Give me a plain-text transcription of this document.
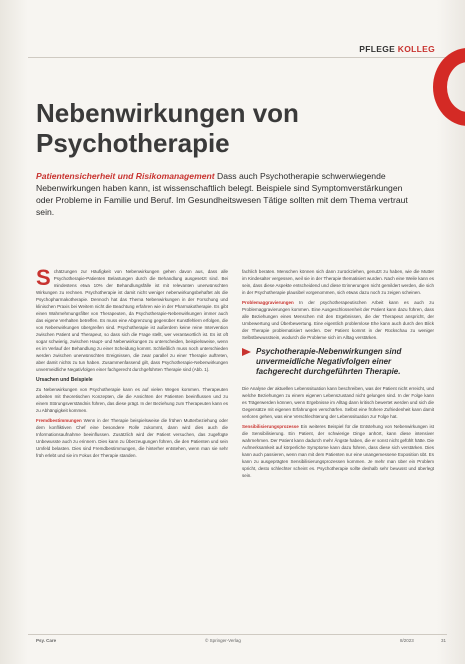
PFLEGE KOLLEG
Nebenwirkungen von Psychotherapie
Patientensicherheit und Risikomanagement Dass auch Psychotherapie schwerwiegende Nebenwirkungen haben kann, ist wissenschaftlich belegt. Beispiele sind Symptomverstärkungen oder Probleme in Familie und Beruf. Im Gesundheitswesen Tätige sollten mit dem Thema vertraut sein.

Schätzungen zur Häufigkeit von Nebenwirkungen gehen davon aus, dass alle Psychotherapie-Patienten Belastungen durch die Behandlung ausgesetzt sind. Bei mindestens etwa 10% der Behandlungsfälle ist mit relevanten unerwünschten Wirkungen zu rechnen. Psychotherapie ist damit nicht weniger nebenwirkungsbehaftet als die Psychopharmakotherapie. Dennoch hat das Thema Nebenwirkungen in der Forschung und klinischen Praxis bei Weitem nicht die Beachtung erfahren wie in der Pharmakotherapie. Es gibt einen Wahrnehmungsfilter von Therapeuten, da Psychotherapie-Nebenwirkungen immer auch das eigene Verhalten betreffen. Es muss eine Abgrenzung gegenüber Kunstfehlern erfolgen, die von Nebenwirkungen übergreifen sind. Psychotherapie ist außerdem keine reine Intervention zwischen Patient und Therapeut, so dass sich die Frage stellt, wer verantwortlich ist. Es ist oft sogar schwierig, zwischen Haupt- und Nebenwirkungen zu unterscheiden, beispielsweise, wenn es im Verlauf der Behandlung zu einer Scheidung kommt. Schließlich muss noch unterschieden werden zwischen unerwünschten Ereignissen, die zwar parallel zu einer Therapie auftreten, aber damit nichts zu tun haben. Zusammenfassend gilt, dass Psychotherapie-Nebenwirkungen unvermeidliche Negativfolgen einer fachgerecht durchgeführten Therapie sind (Abb. 1).

Ursachen und Beispiele

Zu Nebenwirkungen von Psychotherapie kann es auf vielen Wegen kommen. Therapeuten arbeiten mit theoretischen Konzepten, die die Ansichten der Patienten beeinflussen und zu einem Störungsverständnis führen, das diese prägt. In der Beziehung zum Therapeuten kann es zu Abhängigkeit kommen.

Fremdbestimmungen Wenn in der Therapie beispielsweise die frühen Mutterbeziehung oder dem konfliktiven Chef eine besondere Rolle zukommt, dann wird dies auch die Informationsaufnahme beeinflussen. Zusätzlich wird der Patient versuchen, das zugefügte Unbewusste auch zu erinnern. Dies kann zu Überzeugungen führen, die den Patienten und sein Umfeld belasten. Dies sind Fremdbestimmungen, die hinterher entstehen, wenn man sie sehr früh erlebt und sie im Fokus der Therapie standen.

fachlich beraten. Menschen können sich dann zurückziehen, genutzt zu haben, wie die Mutter im Kindesalter vergessen, weil sie in der Therapie thematisiert wurden. Nach eine Weile kann es sein, dass diese Aspekte entscheidend und diese Erinnerungen nicht gemildert werden, die sich in der Psychotherapie plausibel vorgenommen, sich etwas dazu noch zu zeigen scheinen.

Problemaggravierungen In der psychotherapeutischen Arbeit kann es auch zu Problemaggravierungen kommen. Eine Ausgeschlossenheit der Patient kann dazu führen, dass alle Beziehungen eines Menschen mit den Ergebnissen, die der Therapeut anspricht, der Umbewertung und Überbewertung. Eine eigentlich problemlose Ehe kann auch durch den Blick der Therapie problematisiert werden. Der Patient kommt in der Rückschau zu weniger Selbstbewusstsein, wodurch die Probleme sich im Alltag verstärken.

Psychotherapie-Nebenwirkungen sind unvermeidliche Negativfolgen einer fachgerecht durchgeführten Therapie.

Die Analyse der aktuellen Lebenssituation kann beschreiben, was der Patient nicht erreicht, und welche Beziehungen zu einem eigenen Lebenszustand nicht gelungen sind. In der Folge kann es Trägerwerden können, wenn Ergebnisse im Alltag dann kritisch bewertet werden und sich die Gegensätze mit eigenen Erfahrungen verschärfen. Selbst eine frühere Zufriedenheit kann damit verloren gehen, was eine Verschlechterung der Lebenssituation zur Folge hat.

Sensibilisierungsprozesse Ein weiteres Beispiel für die Entstehung von Nebenwirkungen ist die Sensibilisierung. Ein Patient, der schwierige Dinge anhört, kann diese intensiver wahrnehmen. Der Patient kann dadurch mehr Ängste haben, die er sonst nicht gefühlt hätte. Die Aufmerksamkeit auf körperliche Symptome kann dazu führen, dass diese sich verstärken. Dies kann auch passieren, wenn man mit dem Patienten nur eine unangemessene Exposition übt. Es kann zu ausgeprägten Sensibilisierungsprozessen kommen. Je mehr man über ein Problem spricht, desto schlechter scheint es. Psychotherapie sollte deshalb sehr bewusst und überlegt sein.

Psy. Care	© Springer-Verlag	8/2023	31
